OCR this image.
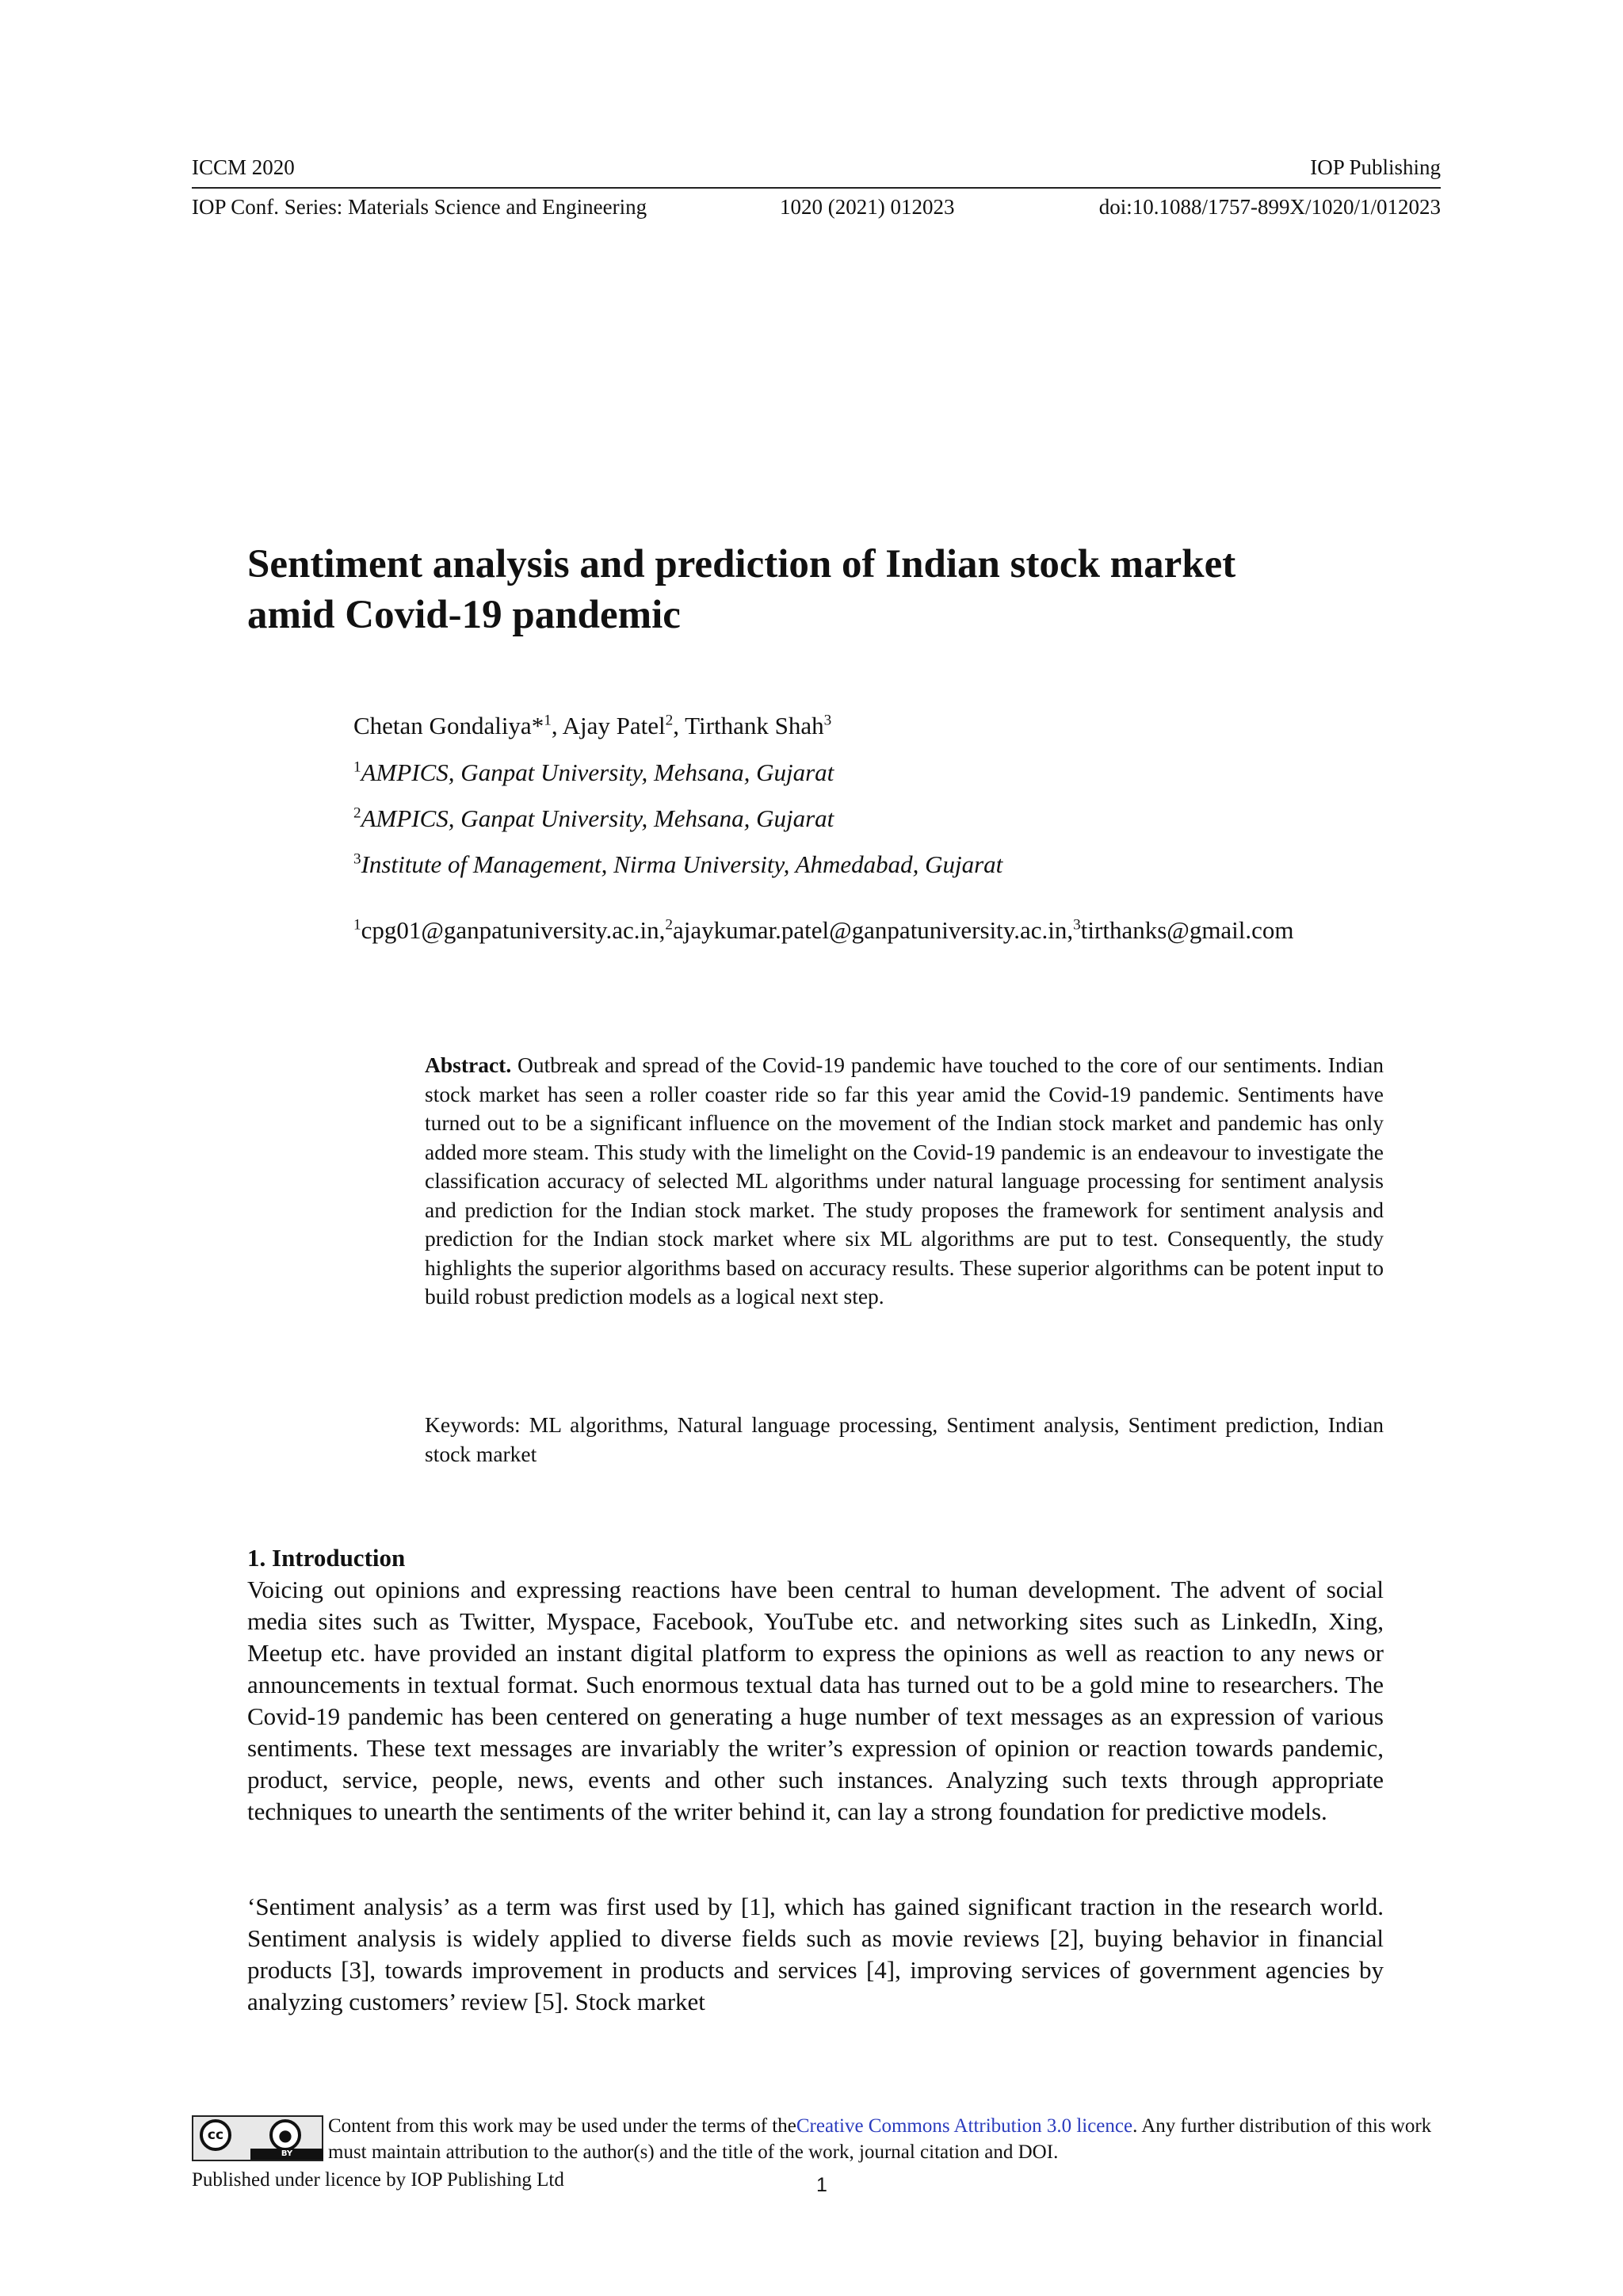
ICCM 2020	IOP Publishing
IOP Conf. Series: Materials Science and Engineering	1020 (2021) 012023	doi:10.1088/1757-899X/1020/1/012023
Sentiment analysis and prediction of Indian stock market
amid Covid-19 pandemic
Chetan Gondaliya*$^1$, Ajay Patel$^2$, Tirthank Shah$^3$
$^1$AMPICS, Ganpat University, Mehsana, Gujarat
$^2$AMPICS, Ganpat University, Mehsana, Gujarat
$^3$Institute of Management, Nirma University, Ahmedabad, Gujarat
$^1$cpg01@ganpatuniversity.ac.in,$^2$ajaykumar.patel@ganpatuniversity.ac.in,$^3$tirthanks@gmail.com
Abstract. Outbreak and spread of the Covid-19 pandemic have touched to the core of our sentiments. Indian stock market has seen a roller coaster ride so far this year amid the Covid-19 pandemic. Sentiments have turned out to be a significant influence on the movement of the Indian stock market and pandemic has only added more steam. This study with the limelight on the Covid-19 pandemic is an endeavour to investigate the classification accuracy of selected ML algorithms under natural language processing for sentiment analysis and prediction for the Indian stock market. The study proposes the framework for sentiment analysis and prediction for the Indian stock market where six ML algorithms are put to test. Consequently, the study highlights the superior algorithms based on accuracy results. These superior algorithms can be potent input to build robust prediction models as a logical next step.
Keywords: ML algorithms, Natural language processing, Sentiment analysis, Sentiment prediction, Indian stock market
1. Introduction
Voicing out opinions and expressing reactions have been central to human development. The advent of social media sites such as Twitter, Myspace, Facebook, YouTube etc. and networking sites such as LinkedIn, Xing, Meetup etc. have provided an instant digital platform to express the opinions as well as reaction to any news or announcements in textual format. Such enormous textual data has turned out to be a gold mine to researchers. The Covid-19 pandemic has been centered on generating a huge number of text messages as an expression of various sentiments. These text messages are invariably the writer’s expression of opinion or reaction towards pandemic, product, service, people, news, events and other such instances. Analyzing such texts through appropriate techniques to unearth the sentiments of the writer behind it, can lay a strong foundation for predictive models.
‘Sentiment analysis’ as a term was first used by [1], which has gained significant traction in the research world. Sentiment analysis is widely applied to diverse fields such as movie reviews [2], buying behavior in financial products [3], towards improvement in products and services [4], improving services of government agencies by analyzing customers’ review [5]. Stock market
cc	●
BY
Content from this work may be used under the terms of theCreative Commons Attribution 3.0 licence. Any further distribution of this work must maintain attribution to the author(s) and the title of the work, journal citation and DOI.
Published under licence by IOP Publishing Ltd	1
